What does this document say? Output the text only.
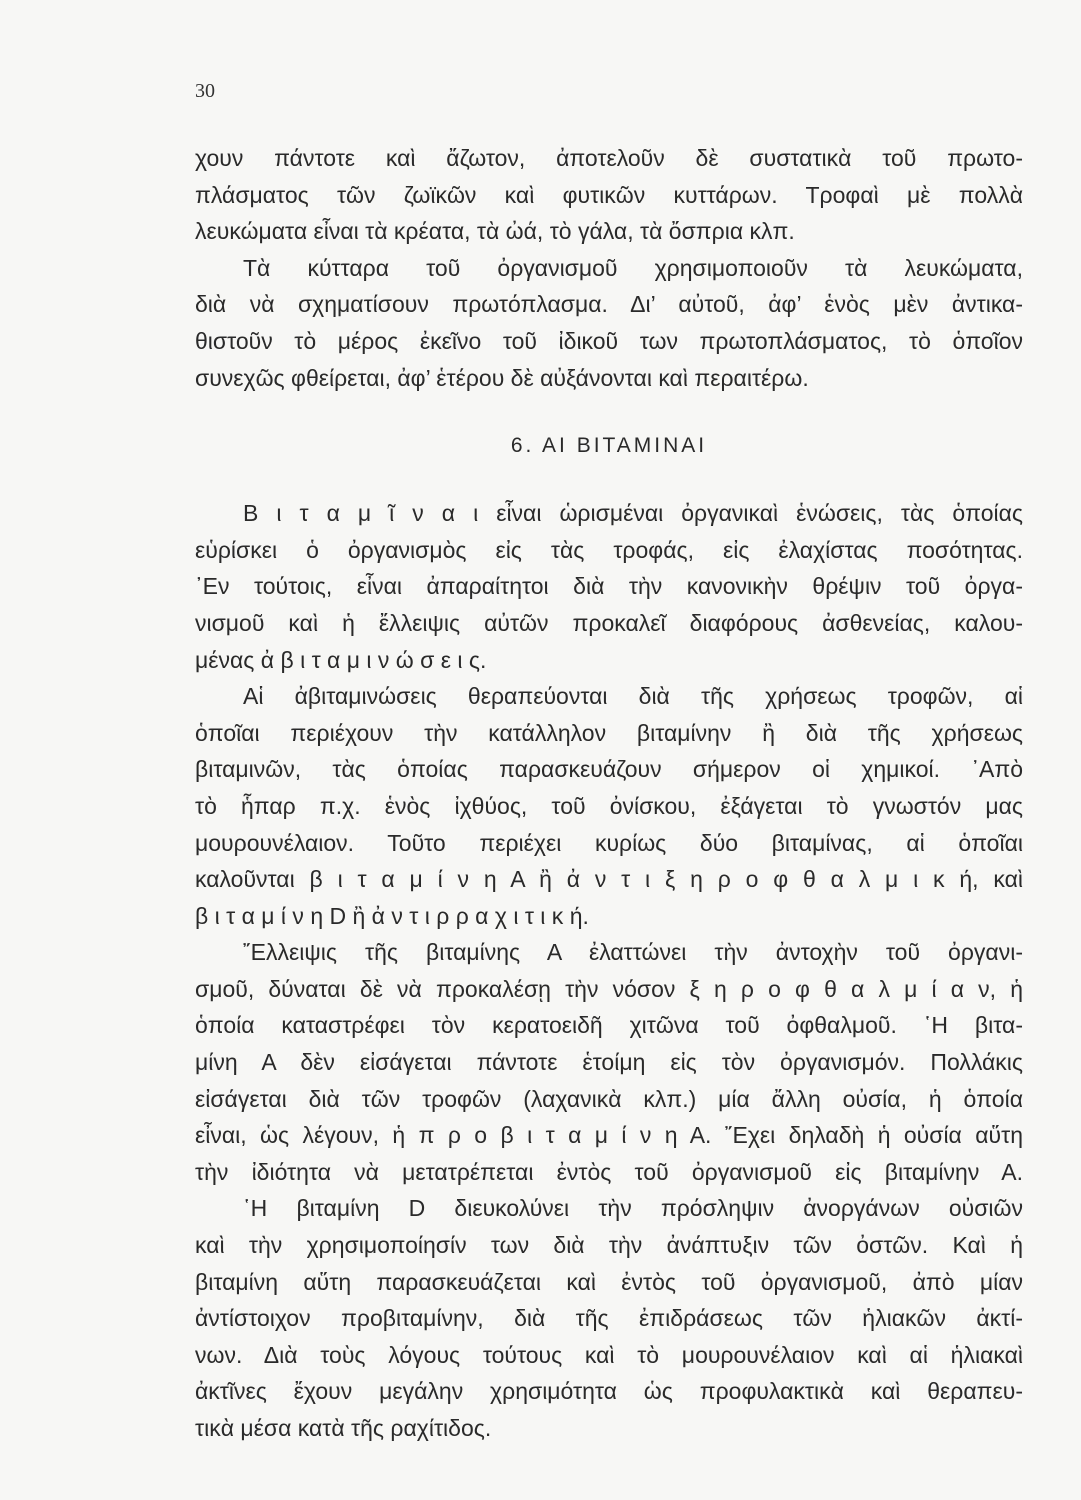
30
χουν πάντοτε καὶ ἄζωτον, ἀποτελοῦν δὲ συστατικὰ τοῦ πρωτο-
πλάσματος τῶν ζωϊκῶν καὶ φυτικῶν κυττάρων. Τροφαὶ μὲ πολλὰ
λευκώματα εἶναι τὰ κρέατα, τὰ ὠά, τὸ γάλα, τὰ ὄσπρια κλπ.
Τὰ κύτταρα τοῦ ὀργανισμοῦ χρησιμοποιοῦν τὰ λευκώματα,
διὰ νὰ σχηματίσουν πρωτόπλασμα. Δι’ αὐτοῦ, ἀφ’ ἑνὸς μὲν ἀντικα-
θιστοῦν τὸ μέρος ἐκεῖνο τοῦ ἰδικοῦ των πρωτοπλάσματος, τὸ ὁποῖον
συνεχῶς φθείρεται, ἀφ’ ἑτέρου δὲ αὐξάνονται καὶ περαιτέρω.
6. ΑΙ ΒΙΤΑΜΙΝΑΙ
Β ι τ α μ ῖ ν α ι εἶναι ὡρισμέναι ὀργανικαὶ ἑνώσεις, τὰς ὁποίας
εὑρίσκει ὁ ὀργανισμὸς εἰς τὰς τροφάς, εἰς ἐλαχίστας ποσότητας.
᾿Εν τούτοις, εἶναι ἀπαραίτητοι διὰ τὴν κανονικὴν θρέψιν τοῦ ὀργα-
νισμοῦ καὶ ἡ ἔλλειψις αὐτῶν προκαλεῖ διαφόρους ἀσθενείας, καλου-
μένας ἀ β ι τ α μ ι ν ώ σ ε ι ς.
Αἱ ἀβιταμινώσεις θεραπεύονται διὰ τῆς χρήσεως τροφῶν, αἱ
ὁποῖαι περιέχουν τὴν κατάλληλον βιταμίνην ἢ διὰ τῆς χρήσεως
βιταμινῶν, τὰς ὁποίας παρασκευάζουν σήμερον οἱ χημικοί. ᾿Απὸ
τὸ ἧπαρ π.χ. ἑνὸς ἰχθύος, τοῦ ὀνίσκου, ἐξάγεται τὸ γνωστόν μας
μουρουνέλαιον. Τοῦτο περιέχει κυρίως δύο βιταμίνας, αἱ ὁποῖαι
καλοῦνται β ι τ α μ ί ν η Α ἢ ἀ ν τ ι ξ η ρ ο φ θ α λ μ ι κ ή, καὶ
β ι τ α μ ί ν η D ἢ ἀ ν τ ι ρ ρ α χ ι τ ι κ ή.
῎Ελλειψις τῆς βιταμίνης Α ἐλαττώνει τὴν ἀντοχὴν τοῦ ὀργανι-
σμοῦ, δύναται δὲ νὰ προκαλέσῃ τὴν νόσον ξ η ρ ο φ θ α λ μ ί α ν, ἡ
ὁποία καταστρέφει τὸν κερατοειδῆ χιτῶνα τοῦ ὀφθαλμοῦ. ῾Η βιτα-
μίνη Α δὲν εἰσάγεται πάντοτε ἑτοίμη εἰς τὸν ὀργανισμόν. Πολλάκις
εἰσάγεται διὰ τῶν τροφῶν (λαχανικὰ κλπ.) μία ἄλλη οὐσία, ἡ ὁποία
εἶναι, ὡς λέγουν, ἡ π ρ ο β ι τ α μ ί ν η Α. ῎Εχει δηλαδὴ ἡ οὐσία αὕτη
τὴν ἰδιότητα νὰ μετατρέπεται ἐντὸς τοῦ ὀργανισμοῦ εἰς βιταμίνην Α.
῾Η βιταμίνη D διευκολύνει τὴν πρόσληψιν ἀνοργάνων οὐσιῶν
καὶ τὴν χρησιμοποίησίν των διὰ τὴν ἀνάπτυξιν τῶν ὀστῶν. Καὶ ἡ
βιταμίνη αὕτη παρασκευάζεται καὶ ἐντὸς τοῦ ὀργανισμοῦ, ἀπὸ μίαν
ἀντίστοιχον προβιταμίνην, διὰ τῆς ἐπιδράσεως τῶν ἡλιακῶν ἀκτί-
νων. Διὰ τοὺς λόγους τούτους καὶ τὸ μουρουνέλαιον καὶ αἱ ἡλιακαὶ
ἀκτῖνες ἔχουν μεγάλην χρησιμότητα ὡς προφυλακτικὰ καὶ θεραπευ-
τικὰ μέσα κατὰ τῆς ραχίτιδος.
